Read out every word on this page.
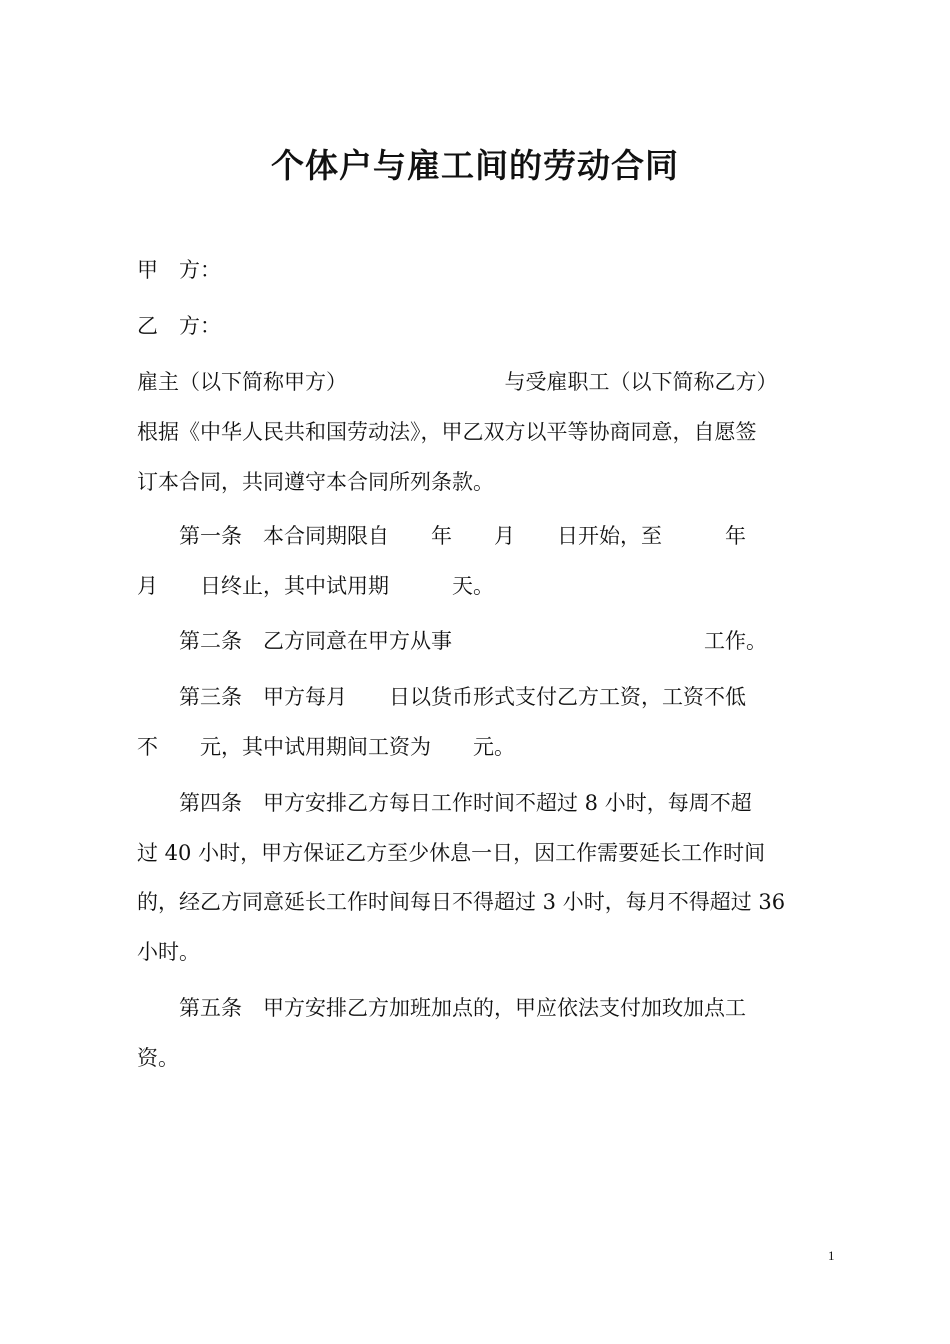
个体户与雇工间的劳动合同
甲　方：
乙　方：
雇主（以下简称甲方）　　　　　　　　与受雇职工（以下简称乙方）
根据《中华人民共和国劳动法》，甲乙双方以平等协商同意，自愿签
订本合同，共同遵守本合同所列条款。
　　第一条　本合同期限自　　年　　月　　日开始，至　　　年
月　　日终止，其中试用期　　　天。
　　第二条　乙方同意在甲方从事　　　　　　　　　　　　工作。
　　第三条　甲方每月　　日以货币形式支付乙方工资，工资不低
不　　元，其中试用期间工资为　　元。
　　第四条　甲方安排乙方每日工作时间不超过 8 小时，每周不超
过 40 小时，甲方保证乙方至少休息一日，因工作需要延长工作时间
的，经乙方同意延长工作时间每日不得超过 3 小时，每月不得超过 36
小时。
　　第五条　甲方安排乙方加班加点的，甲应依法支付加玫加点工
资。
1
